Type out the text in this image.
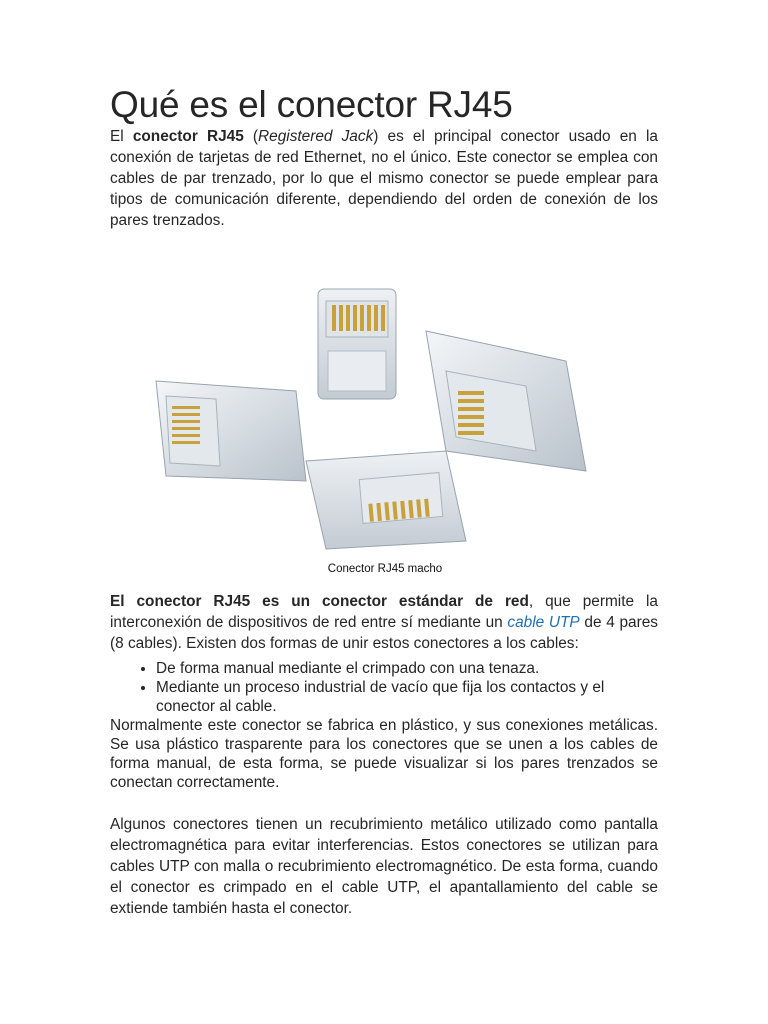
Qué es el conector RJ45

El conector RJ45 (Registered Jack) es el principal conector usado en la conexión de tarjetas de red Ethernet, no el único. Este conector se emplea con cables de par trenzado, por lo que el mismo conector se puede emplear para tipos de comunicación diferente, dependiendo del orden de conexión de los pares trenzados.

Conector RJ45 macho

El conector RJ45 es un conector estándar de red, que permite la interconexión de dispositivos de red entre sí mediante un cable UTP de 4 pares (8 cables). Existen dos formas de unir estos conectores a los cables:

• De forma manual mediante el crimpado con una tenaza.
• Mediante un proceso industrial de vacío que fija los contactos y el conector al cable.

Normalmente este conector se fabrica en plástico, y sus conexiones metálicas. Se usa plástico trasparente para los conectores que se unen a los cables de forma manual, de esta forma, se puede visualizar si los pares trenzados se conectan correctamente.

Algunos conectores tienen un recubrimiento metálico utilizado como pantalla electromagnética para evitar interferencias. Estos conectores se utilizan para cables UTP con malla o recubrimiento electromagnético. De esta forma, cuando el conector es crimpado en el cable UTP, el apantallamiento del cable se extiende también hasta el conector.
